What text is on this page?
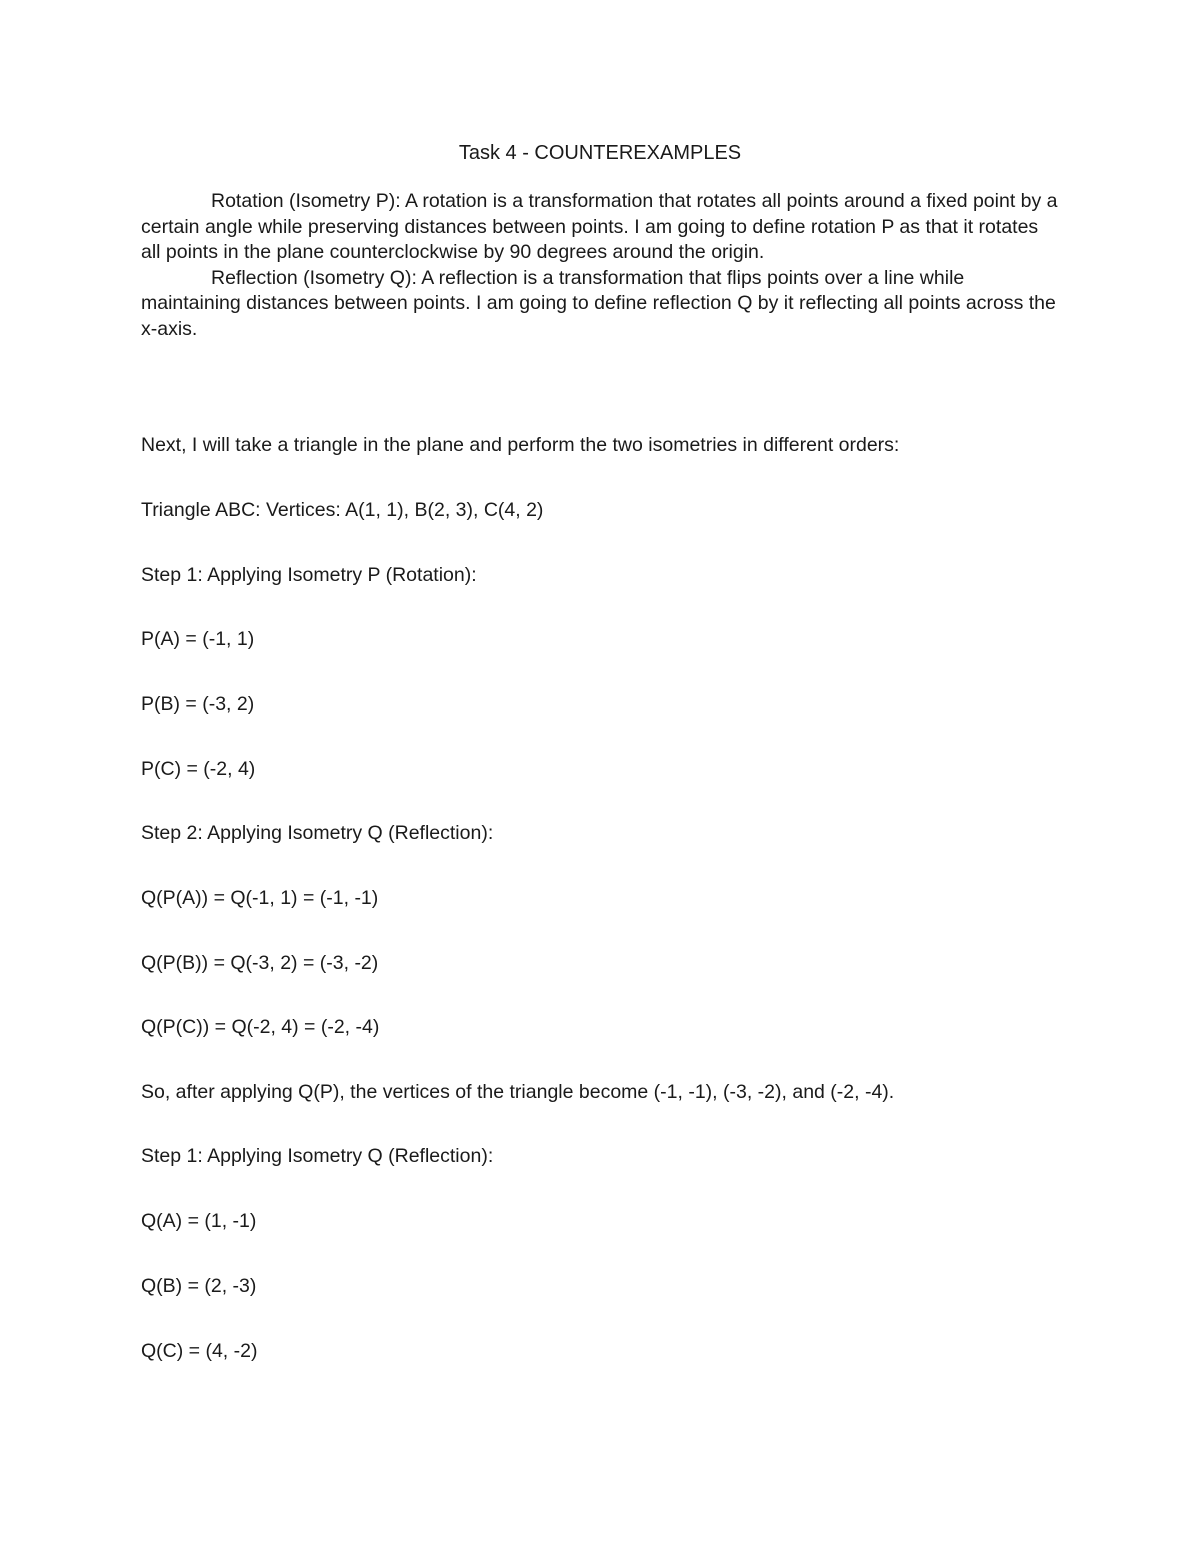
Task 4 - COUNTEREXAMPLES

Rotation (Isometry P): A rotation is a transformation that rotates all points around a fixed point by a certain angle while preserving distances between points. I am going to define rotation P as that it rotates all points in the plane counterclockwise by 90 degrees around the origin.

Reflection (Isometry Q): A reflection is a transformation that flips points over a line while maintaining distances between points. I am going to define reflection Q by it reflecting all points across the x-axis.

Next, I will take a triangle in the plane and perform the two isometries in different orders:
Triangle ABC: Vertices: A(1, 1), B(2, 3), C(4, 2)
Step 1: Applying Isometry P (Rotation):
P(A) = (-1, 1)
P(B) = (-3, 2)
P(C) = (-2, 4)
Step 2: Applying Isometry Q (Reflection):
Q(P(A)) = Q(-1, 1) = (-1, -1)
Q(P(B)) = Q(-3, 2) = (-3, -2)
Q(P(C)) = Q(-2, 4) = (-2, -4)
So, after applying Q(P), the vertices of the triangle become (-1, -1), (-3, -2), and (-2, -4).
Step 1: Applying Isometry Q (Reflection):
Q(A) = (1, -1)
Q(B) = (2, -3)
Q(C) = (4, -2)
